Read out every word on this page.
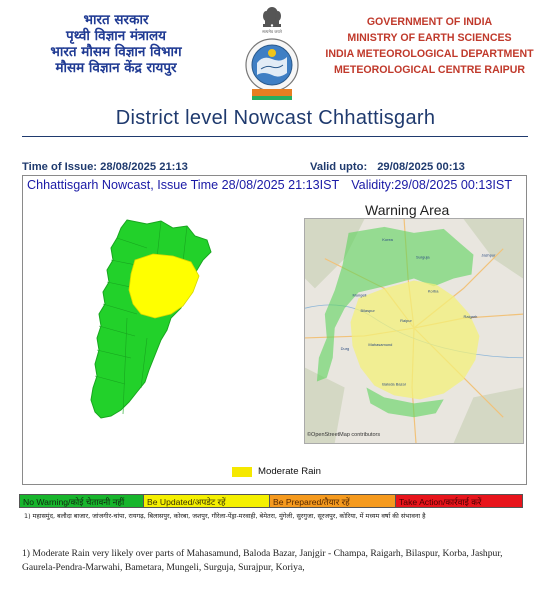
भारत सरकार
पृथ्वी विज्ञान मंत्रालय
भारत मौसम विज्ञान विभाग
मौसम विज्ञान केंद्र रायपुर
सत्यमेव जयते
GOVERNMENT OF INDIA
MINISTRY OF EARTH SCIENCES
INDIA METEOROLOGICAL DEPARTMENT
METEOROLOGICAL CENTRE RAIPUR
District level Nowcast Chhattisgarh
Time of Issue: 28/08/2025 21:13	Valid upto: 29/08/2025 00:13
Chhattisgarh Nowcast, Issue Time 28/08/2025 21:13IST Validity:29/08/2025 00:13IST
Warning Area
Korea
Surguja	Jashpur
Korba
Mungeli
Bilaspur
Raigarh
Raipur
Mahasamund
Durg
Baloda Bazar
©OpenStreetMap contributors
Moderate Rain
No Warning/कोई चेतावनी नहीं	Be Updated/अपडेट रहें	Be Prepared/तैयार रहें	Take Action/कार्रवाई करें
1) महासमुंद, बलौदा बाजार, जांजगीर-चांपा, रायगढ़, बिलासपुर, कोरबा, जशपुर, गौरेला-पेंड्रा-मरवाही, बेमेतरा, मुंगेली, सुरगुजा, सूरजपुर, कोरिया, में मध्यम वर्षा की संभावना है
1) Moderate Rain very likely over parts of Mahasamund, Baloda Bazar, Janjgir - Champa, Raigarh, Bilaspur, Korba, Jashpur, Gaurela-Pendra-Marwahi, Bametara, Mungeli, Surguja, Surajpur, Koriya,
